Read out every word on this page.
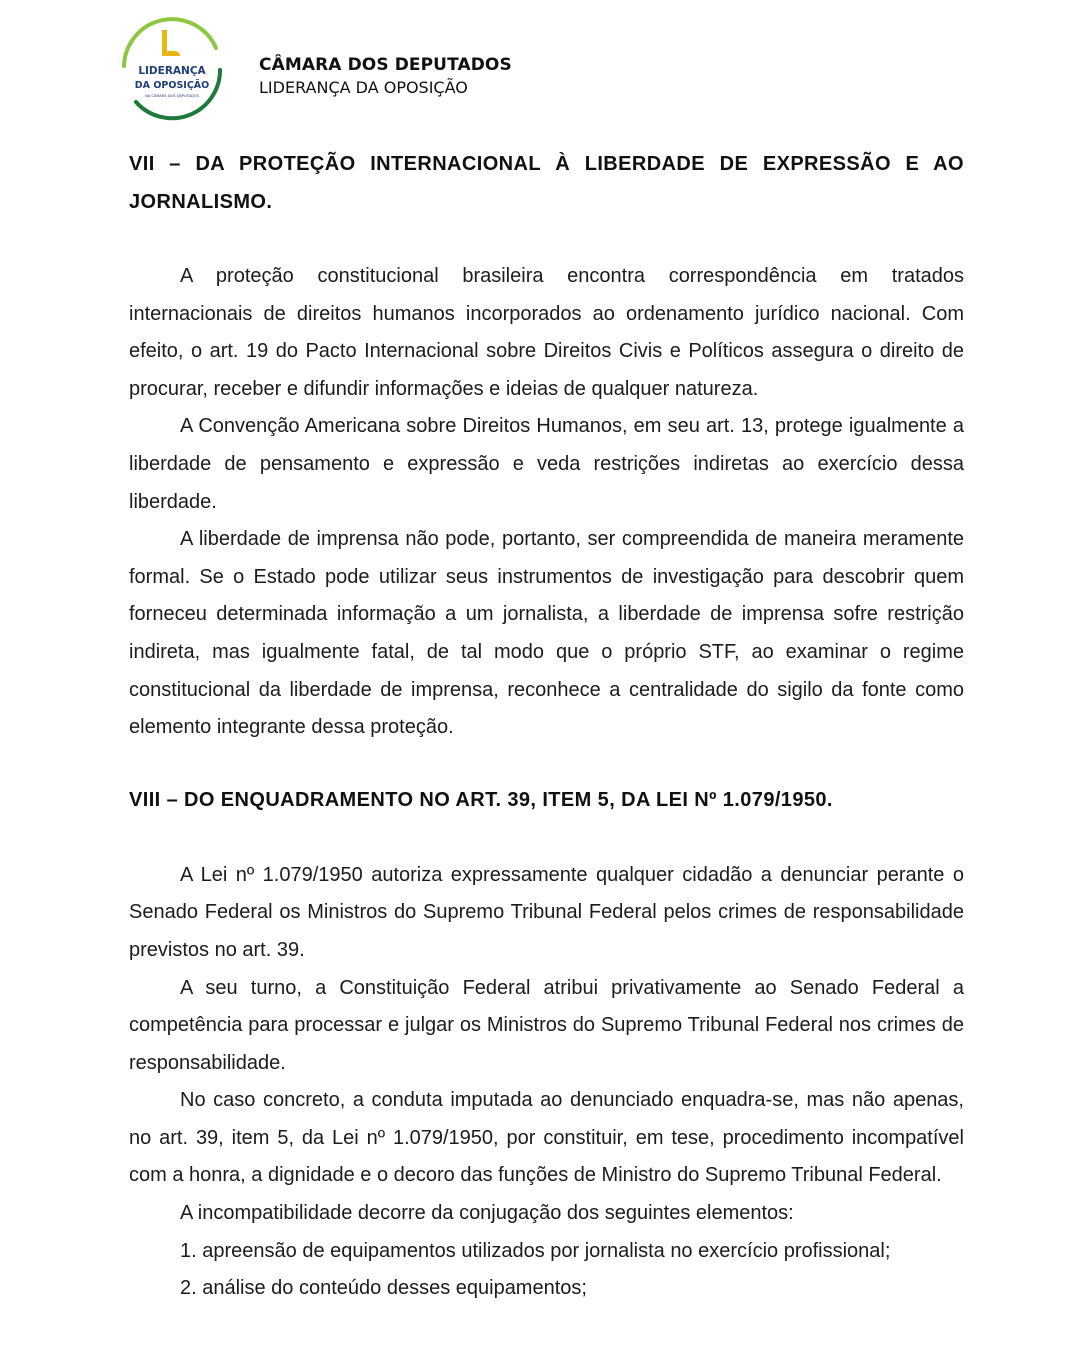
LIDERANÇA
DA OPOSIÇÃO
NA CÂMARA DOS DEPUTADOS
CÂMARA DOS DEPUTADOS
LIDERANÇA DA OPOSIÇÃO
VII – DA PROTEÇÃO INTERNACIONAL À LIBERDADE DE EXPRESSÃO E AO JORNALISMO.

A proteção constitucional brasileira encontra correspondência em tratados internacionais de direitos humanos incorporados ao ordenamento jurídico nacional. Com efeito, o art. 19 do Pacto Internacional sobre Direitos Civis e Políticos assegura o direito de procurar, receber e difundir informações e ideias de qualquer natureza.

A Convenção Americana sobre Direitos Humanos, em seu art. 13, protege igualmente a liberdade de pensamento e expressão e veda restrições indiretas ao exercício dessa liberdade.

A liberdade de imprensa não pode, portanto, ser compreendida de maneira meramente formal. Se o Estado pode utilizar seus instrumentos de investigação para descobrir quem forneceu determinada informação a um jornalista, a liberdade de imprensa sofre restrição indireta, mas igualmente fatal, de tal modo que o próprio STF, ao examinar o regime constitucional da liberdade de imprensa, reconhece a centralidade do sigilo da fonte como elemento integrante dessa proteção.

VIII – DO ENQUADRAMENTO NO ART. 39, ITEM 5, DA LEI Nº 1.079/1950.

A Lei nº 1.079/1950 autoriza expressamente qualquer cidadão a denunciar perante o Senado Federal os Ministros do Supremo Tribunal Federal pelos crimes de responsabilidade previstos no art. 39.

A seu turno, a Constituição Federal atribui privativamente ao Senado Federal a competência para processar e julgar os Ministros do Supremo Tribunal Federal nos crimes de responsabilidade.

No caso concreto, a conduta imputada ao denunciado enquadra-se, mas não apenas, no art. 39, item 5, da Lei nº 1.079/1950, por constituir, em tese, procedimento incompatível com a honra, a dignidade e o decoro das funções de Ministro do Supremo Tribunal Federal.

A incompatibilidade decorre da conjugação dos seguintes elementos:

1. apreensão de equipamentos utilizados por jornalista no exercício profissional;

2. análise do conteúdo desses equipamentos;
